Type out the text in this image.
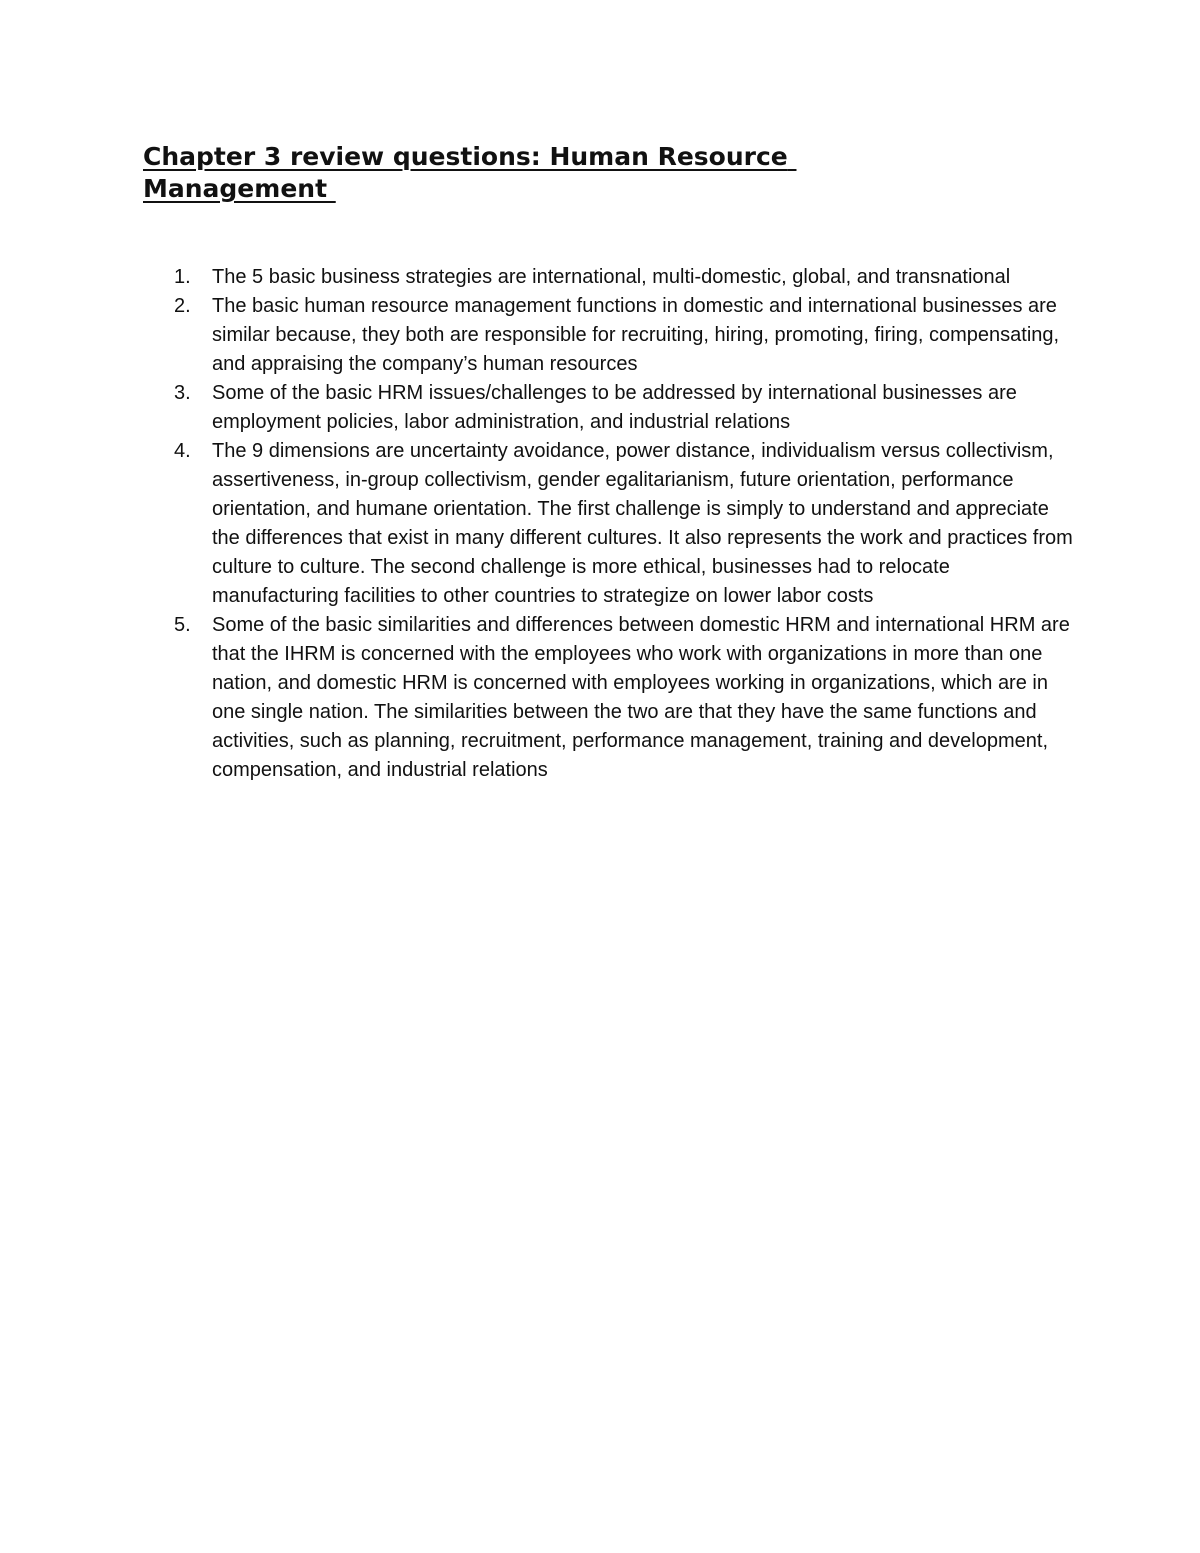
Chapter 3 review questions: Human Resource Management
1.	The 5 basic business strategies are international, multi-domestic, global, and transnational
2.	The basic human resource management functions in domestic and international businesses are similar because, they both are responsible for recruiting, hiring, promoting, firing, compensating, and appraising the company’s human resources
3.	Some of the basic HRM issues/challenges to be addressed by international businesses are employment policies, labor administration, and industrial relations
4.	The 9 dimensions are uncertainty avoidance, power distance, individualism versus collectivism, assertiveness, in-group collectivism, gender egalitarianism, future orientation, performance orientation, and humane orientation. The first challenge is simply to understand and appreciate the differences that exist in many different cultures. It also represents the work and practices from culture to culture. The second challenge is more ethical, businesses had to relocate manufacturing facilities to other countries to strategize on lower labor costs
5.	Some of the basic similarities and differences between domestic HRM and international HRM are that the IHRM is concerned with the employees who work with organizations in more than one nation, and domestic HRM is concerned with employees working in organizations, which are in one single nation. The similarities between the two are that they have the same functions and activities, such as planning, recruitment, performance management, training and development, compensation, and industrial relations
